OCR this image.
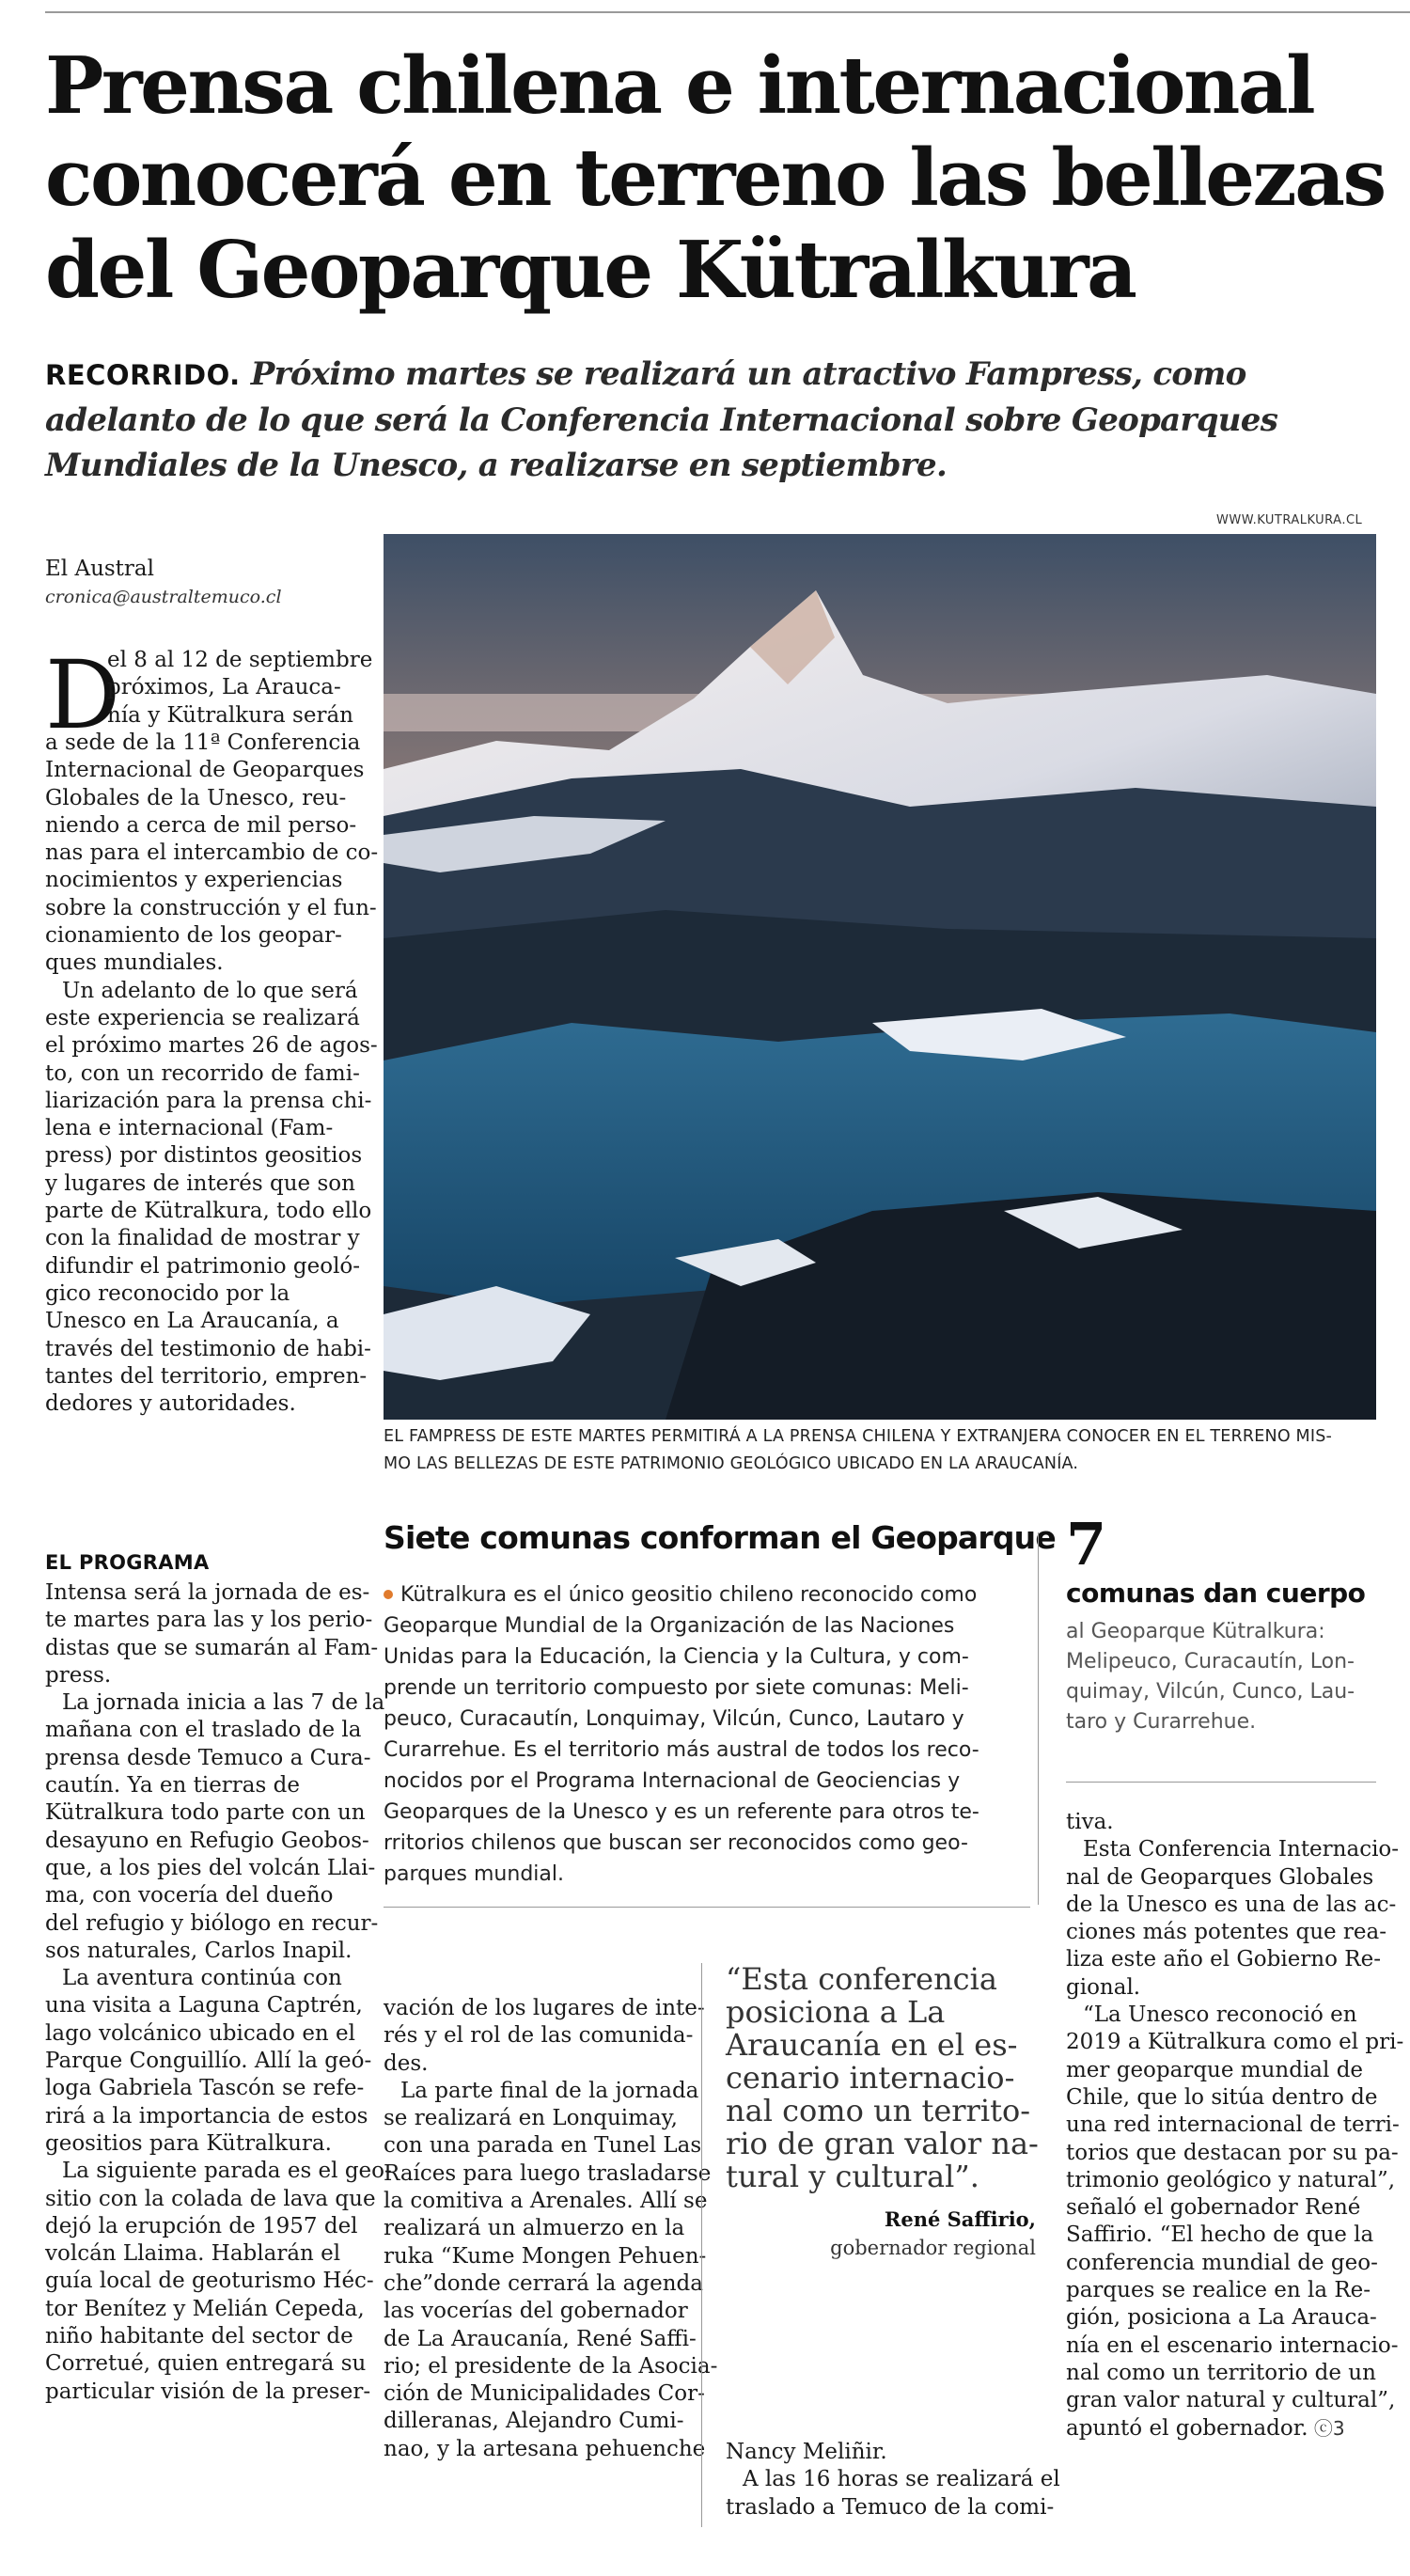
Prensa chilena e internacional
conocerá en terreno las bellezas
del Geoparque Kütralkura
RECORRIDO. Próximo martes se realizará un atractivo Fampress, como
adelanto de lo que será la Conferencia Internacional sobre Geoparques
Mundiales de la Unesco, a realizarse en septiembre.
WWW.KUTRALKURA.CL
El Austral
cronica@australtemuco.cl
D
el 8 al 12 de septiembre
próximos, La Arauca-
nía y Kütralkura serán
a sede de la 11ª Conferencia
Internacional de Geoparques
Globales de la Unesco, reu-
niendo a cerca de mil perso-
nas para el intercambio de co-
nocimientos y experiencias
sobre la construcción y el fun-
cionamiento de los geopar-
ques mundiales.
Un adelanto de lo que será
este experiencia se realizará
el próximo martes 26 de agos-
to, con un recorrido de fami-
liarización para la prensa chi-
lena e internacional (Fam-
press) por distintos geositios
y lugares de interés que son
parte de Kütralkura, todo ello
con la finalidad de mostrar y
difundir el patrimonio geoló-
gico reconocido por la
Unesco en La Araucanía, a
través del testimonio de habi-
tantes del territorio, empren-
dedores y autoridades.
EL PROGRAMA
Intensa será la jornada de es-
te martes para las y los perio-
distas que se sumarán al Fam-
press.
La jornada inicia a las 7 de la
mañana con el traslado de la
prensa desde Temuco a Cura-
cautín. Ya en tierras de
Kütralkura todo parte con un
desayuno en Refugio Geobos-
que, a los pies del volcán Llai-
ma, con vocería del dueño
del refugio y biólogo en recur-
sos naturales, Carlos Inapil.
La aventura continúa con
una visita a Laguna Captrén,
lago volcánico ubicado en el
Parque Conguillío. Allí la geó-
loga Gabriela Tascón se refe-
rirá a la importancia de estos
geositios para Kütralkura.
La siguiente parada es el geo-
sitio con la colada de lava que
dejó la erupción de 1957 del
volcán Llaima. Hablarán el
guía local de geoturismo Héc-
tor Benítez y Melián Cepeda,
niño habitante del sector de
Corretué, quien entregará su
particular visión de la preser-
EL FAMPRESS DE ESTE MARTES PERMITIRÁ A LA PRENSA CHILENA Y EXTRANJERA CONOCER EN EL TERRENO MIS-
MO LAS BELLEZAS DE ESTE PATRIMONIO GEOLÓGICO UBICADO EN LA ARAUCANÍA.
Siete comunas conforman el Geoparque
Kütralkura es el único geositio chileno reconocido como
Geoparque Mundial de la Organización de las Naciones
Unidas para la Educación, la Ciencia y la Cultura, y com-
prende un territorio compuesto por siete comunas: Meli-
peuco, Curacautín, Lonquimay, Vilcún, Cunco, Lautaro y
Curarrehue. Es el territorio más austral de todos los reco-
nocidos por el Programa Internacional de Geociencias y
Geoparques de la Unesco y es un referente para otros te-
rritorios chilenos que buscan ser reconocidos como geo-
parques mundial.
7
comunas dan cuerpo
al Geoparque Kütralkura:
Melipeuco, Curacautín, Lon-
quimay, Vilcún, Cunco, Lau-
taro y Curarrehue.
vación de los lugares de inte-
rés y el rol de las comunida-
des.
La parte final de la jornada
se realizará en Lonquimay,
con una parada en Tunel Las
Raíces para luego trasladarse
la comitiva a Arenales. Allí se
realizará un almuerzo en la
ruka “Kume Mongen Pehuen-
che”donde cerrará la agenda
las vocerías del gobernador
de La Araucanía, René Saffi-
rio; el presidente de la Asocia-
ción de Municipalidades Cor-
dilleranas, Alejandro Cumi-
nao, y la artesana pehuenche
“Esta conferencia
posiciona a La
Araucanía en el es-
cenario internacio-
nal como un territo-
rio de gran valor na-
tural y cultural”.
René Saffirio,
gobernador regional
Nancy Meliñir.
A las 16 horas se realizará el
traslado a Temuco de la comi-
tiva.
Esta Conferencia Internacio-
nal de Geoparques Globales
de la Unesco es una de las ac-
ciones más potentes que rea-
liza este año el Gobierno Re-
gional.
“La Unesco reconoció en
2019 a Kütralkura como el pri-
mer geoparque mundial de
Chile, que lo sitúa dentro de
una red internacional de terri-
torios que destacan por su pa-
trimonio geológico y natural”,
señaló el gobernador René
Saffirio. “El hecho de que la
conferencia mundial de geo-
parques se realice en la Re-
gión, posiciona a La Arauca-
nía en el escenario internacio-
nal como un territorio de un
gran valor natural y cultural”,
apuntó el gobernador. ⓒ3
